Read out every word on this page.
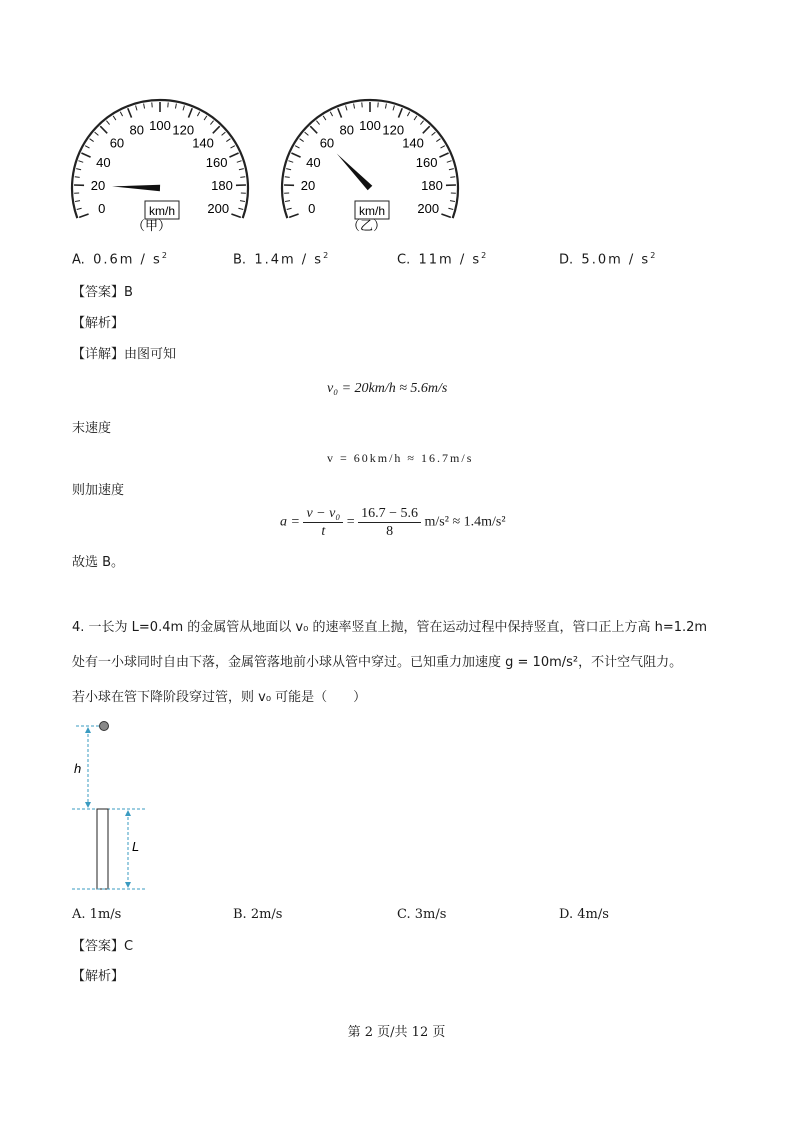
0
20
40
60
80 100 120
140
160
180
200
km/h	0
20
40
60
80 100 120
140
160
180
200
km/h
（甲）	（乙）
A. $0.6m / s^2$	B. $1.4m / s^2$	C. $11m / s^2$	D. $5.0m / s^2$
【答案】B
【解析】
【详解】由图可知
v₀ = 20km/h ≈ 5.6m/s
末速度
v = 60km/h ≈ 16.7m/s
则加速度
$a = \frac{\text{v − v₀}}{t} = \frac{16.7 - 5.6}{8} m/s^2 \approx 1.4m/s^2$
故选 B。
4. 一长为 L=0.4m 的金属管从地面以 v₀ 的速率竖直上抛，管在运动过程中保持竖直，管口正上方高 h=1.2m
处有一小球同时自由下落，金属管落地前小球从管中穿过。已知重力加速度 g = 10m/s²，不计空气阻力。
若小球在管下降阶段穿过管，则 v₀ 可能是（　　）
h
L
A. 1m/s	B. 2m/s	C. 3m/s	D. 4m/s
【答案】C
【解析】
第 2 页/共 12 页
